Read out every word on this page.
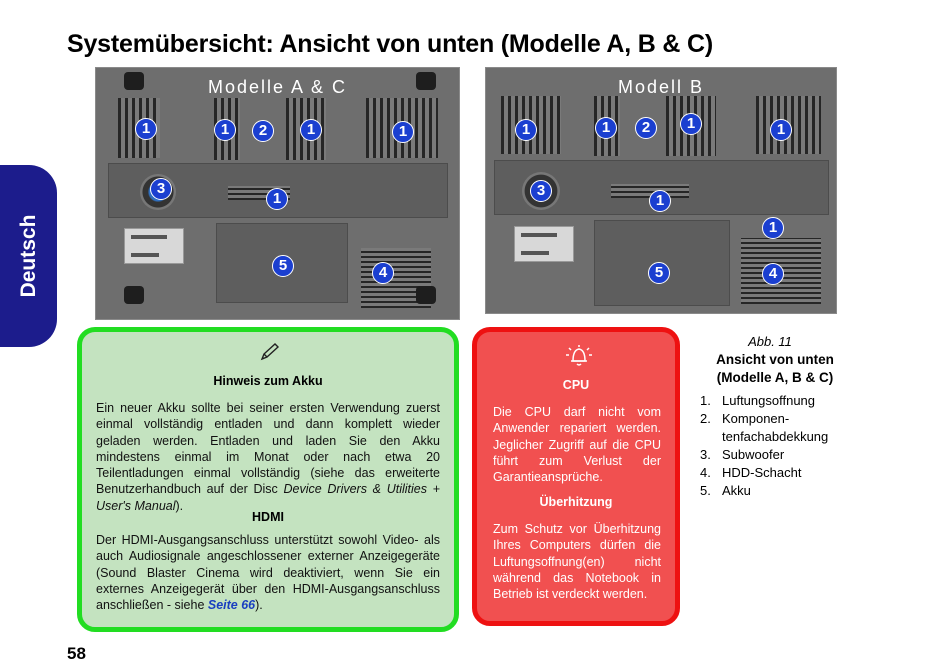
Systemübersicht: Ansicht von unten (Modelle A, B & C)
Deutsch
Modelle A & C
1	1	2	1	1
3
1
5	4
Modell B
1	1	2	1	1
3
1
1
5	4
Hinweis zum Akku
Ein neuer Akku sollte bei seiner ersten Verwendung zuerst einmal vollständig entladen und dann komplett wieder geladen werden. Entladen und laden Sie den Akku mindestens einmal im Monat oder nach etwa 20 Teilentladungen einmal vollständig (siehe das erweiterte Benutzerhandbuch auf der Disc Device Drivers & Utilities + User's Manual).
HDMI
Der HDMI-Ausgangsanschluss unterstützt sowohl Video- als auch Audiosignale angeschlossener externer Anzeigegeräte (Sound Blaster Cinema wird deaktiviert, wenn Sie ein externes Anzeigegerät über den HDMI-Ausgangsanschluss anschließen - siehe Seite 66).
CPU
Die CPU darf nicht vom Anwender repariert werden. Jeglicher Zugriff auf die CPU führt zum Verlust der Garantieansprüche.
Überhitzung
Zum Schutz vor Überhitzung Ihres Computers dürfen die Luftungsoffnung(en) nicht während das Notebook in Betrieb ist verdeckt werden.
Abb. 11
Ansicht von unten
(Modelle A, B & C)
1. Luftungsoffnung
2. Komponen-tenfachabdekkung
3. Subwoofer
4. HDD-Schacht
5. Akku
58
